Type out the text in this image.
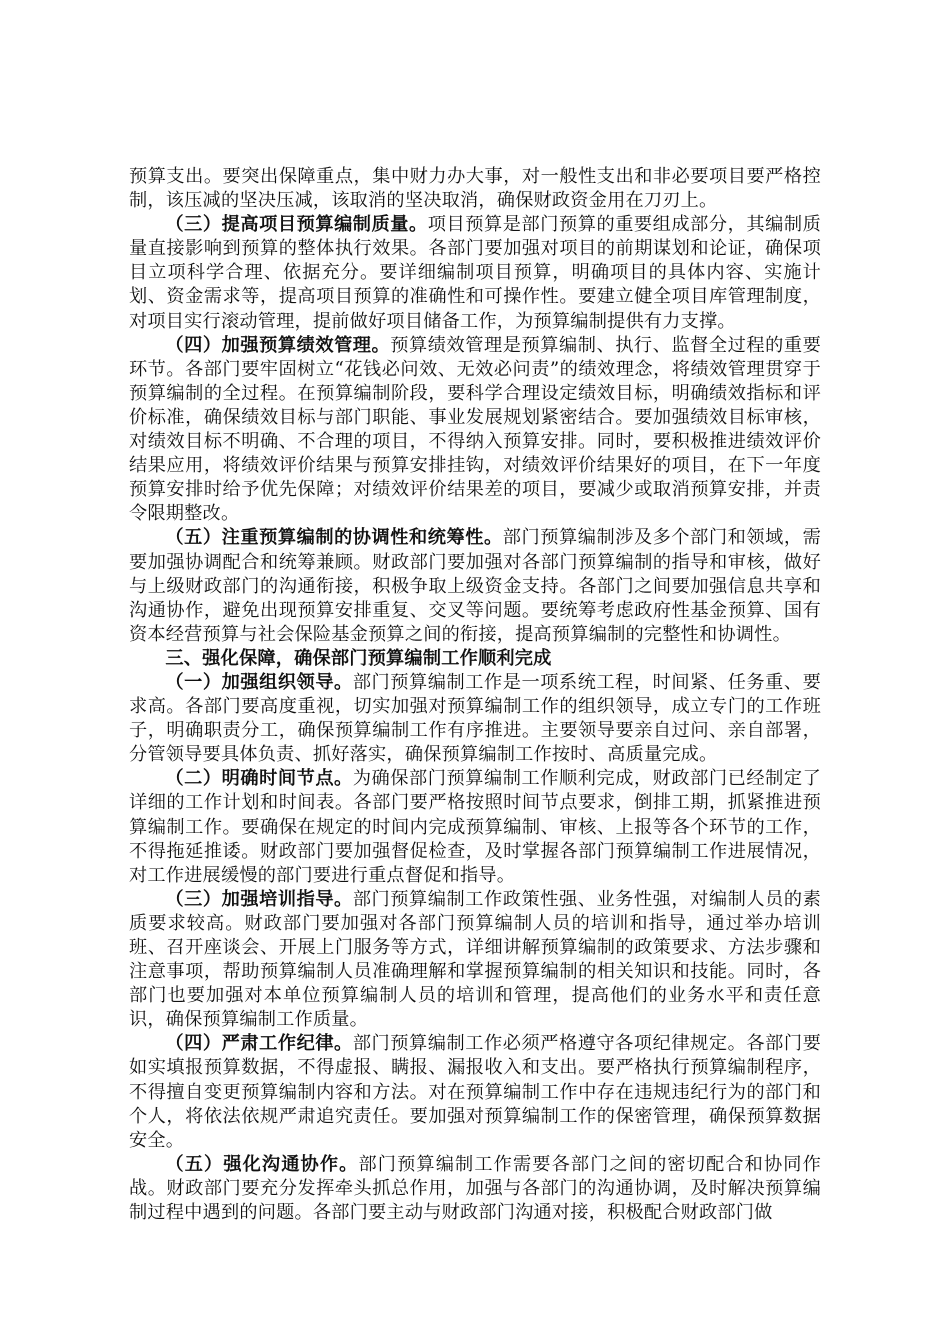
预算支出。要突出保障重点，集中财力办大事，对一般性支出和非必要项目要严格控制，该压减的坚决压减，该取消的坚决取消，确保财政资金用在刀刃上。

（三）提高项目预算编制质量。项目预算是部门预算的重要组成部分，其编制质量直接影响到预算的整体执行效果。各部门要加强对项目的前期谋划和论证，确保项目立项科学合理、依据充分。要详细编制项目预算，明确项目的具体内容、实施计划、资金需求等，提高项目预算的准确性和可操作性。要建立健全项目库管理制度，对项目实行滚动管理，提前做好项目储备工作，为预算编制提供有力支撑。

（四）加强预算绩效管理。预算绩效管理是预算编制、执行、监督全过程的重要环节。各部门要牢固树立“花钱必问效、无效必问责”的绩效理念，将绩效管理贯穿于预算编制的全过程。在预算编制阶段，要科学合理设定绩效目标，明确绩效指标和评价标准，确保绩效目标与部门职能、事业发展规划紧密结合。要加强绩效目标审核，对绩效目标不明确、不合理的项目，不得纳入预算安排。同时，要积极推进绩效评价结果应用，将绩效评价结果与预算安排挂钩，对绩效评价结果好的项目，在下一年度预算安排时给予优先保障；对绩效评价结果差的项目，要减少或取消预算安排，并责令限期整改。

（五）注重预算编制的协调性和统筹性。部门预算编制涉及多个部门和领域，需要加强协调配合和统筹兼顾。财政部门要加强对各部门预算编制的指导和审核，做好与上级财政部门的沟通衔接，积极争取上级资金支持。各部门之间要加强信息共享和沟通协作，避免出现预算安排重复、交叉等问题。要统筹考虑政府性基金预算、国有资本经营预算与社会保险基金预算之间的衔接，提高预算编制的完整性和协调性。

三、强化保障，确保部门预算编制工作顺利完成

（一）加强组织领导。部门预算编制工作是一项系统工程，时间紧、任务重、要求高。各部门要高度重视，切实加强对预算编制工作的组织领导，成立专门的工作班子，明确职责分工，确保预算编制工作有序推进。主要领导要亲自过问、亲自部署，分管领导要具体负责、抓好落实，确保预算编制工作按时、高质量完成。

（二）明确时间节点。为确保部门预算编制工作顺利完成，财政部门已经制定了详细的工作计划和时间表。各部门要严格按照时间节点要求，倒排工期，抓紧推进预算编制工作。要确保在规定的时间内完成预算编制、审核、上报等各个环节的工作，不得拖延推诿。财政部门要加强督促检查，及时掌握各部门预算编制工作进展情况，对工作进展缓慢的部门要进行重点督促和指导。

（三）加强培训指导。部门预算编制工作政策性强、业务性强，对编制人员的素质要求较高。财政部门要加强对各部门预算编制人员的培训和指导，通过举办培训班、召开座谈会、开展上门服务等方式，详细讲解预算编制的政策要求、方法步骤和注意事项，帮助预算编制人员准确理解和掌握预算编制的相关知识和技能。同时，各部门也要加强对本单位预算编制人员的培训和管理，提高他们的业务水平和责任意识，确保预算编制工作质量。

（四）严肃工作纪律。部门预算编制工作必须严格遵守各项纪律规定。各部门要如实填报预算数据，不得虚报、瞒报、漏报收入和支出。要严格执行预算编制程序，不得擅自变更预算编制内容和方法。对在预算编制工作中存在违规违纪行为的部门和个人，将依法依规严肃追究责任。要加强对预算编制工作的保密管理，确保预算数据安全。

（五）强化沟通协作。部门预算编制工作需要各部门之间的密切配合和协同作战。财政部门要充分发挥牵头抓总作用，加强与各部门的沟通协调，及时解决预算编制过程中遇到的问题。各部门要主动与财政部门沟通对接，积极配合财政部门做
